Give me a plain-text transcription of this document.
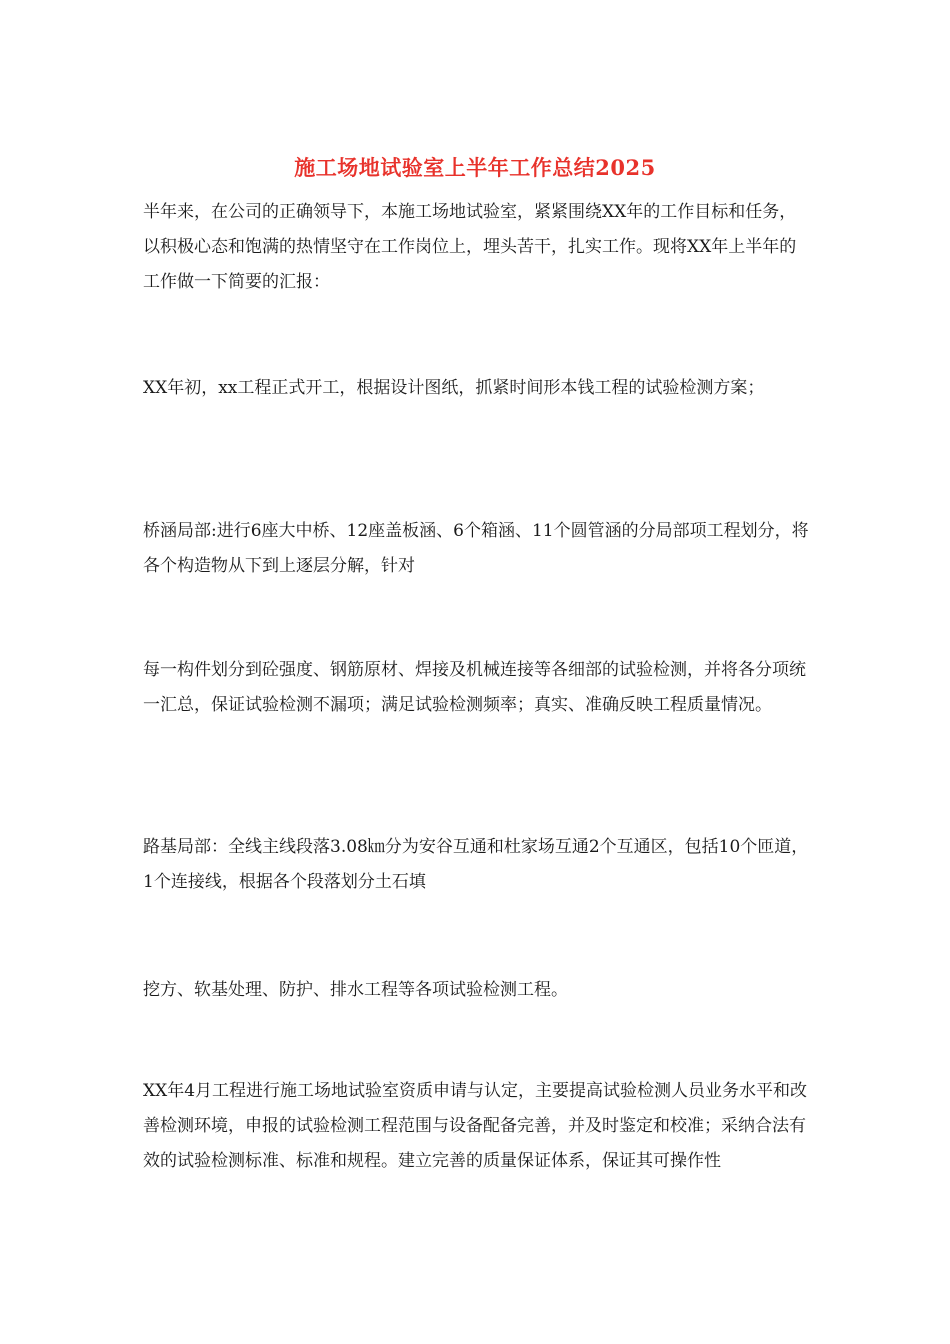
施工场地试验室上半年工作总结2025

半年来，在公司的正确领导下，本施工场地试验室，紧紧围绕XX年的工作目标和任务，以积极心态和饱满的热情坚守在工作岗位上，埋头苦干，扎实工作。现将XX年上半年的工作做一下简要的汇报：

XX年初，xx工程正式开工，根据设计图纸，抓紧时间形本钱工程的试验检测方案；

桥涵局部:进行6座大中桥、12座盖板涵、6个箱涵、11个圆管涵的分局部项工程划分，将各个构造物从下到上逐层分解，针对

每一构件划分到砼强度、钢筋原材、焊接及机械连接等各细部的试验检测，并将各分项统一汇总，保证试验检测不漏项；满足试验检测频率；真实、准确反映工程质量情况。

路基局部：全线主线段落3.08㎞分为安谷互通和杜家场互通2个互通区，包括10个匝道，1个连接线，根据各个段落划分土石填

挖方、软基处理、防护、排水工程等各项试验检测工程。

XX年4月工程进行施工场地试验室资质申请与认定，主要提高试验检测人员业务水平和改善检测环境，申报的试验检测工程范围与设备配备完善，并及时鉴定和校准；采纳合法有效的试验检测标准、标准和规程。建立完善的质量保证体系，保证其可操作性
